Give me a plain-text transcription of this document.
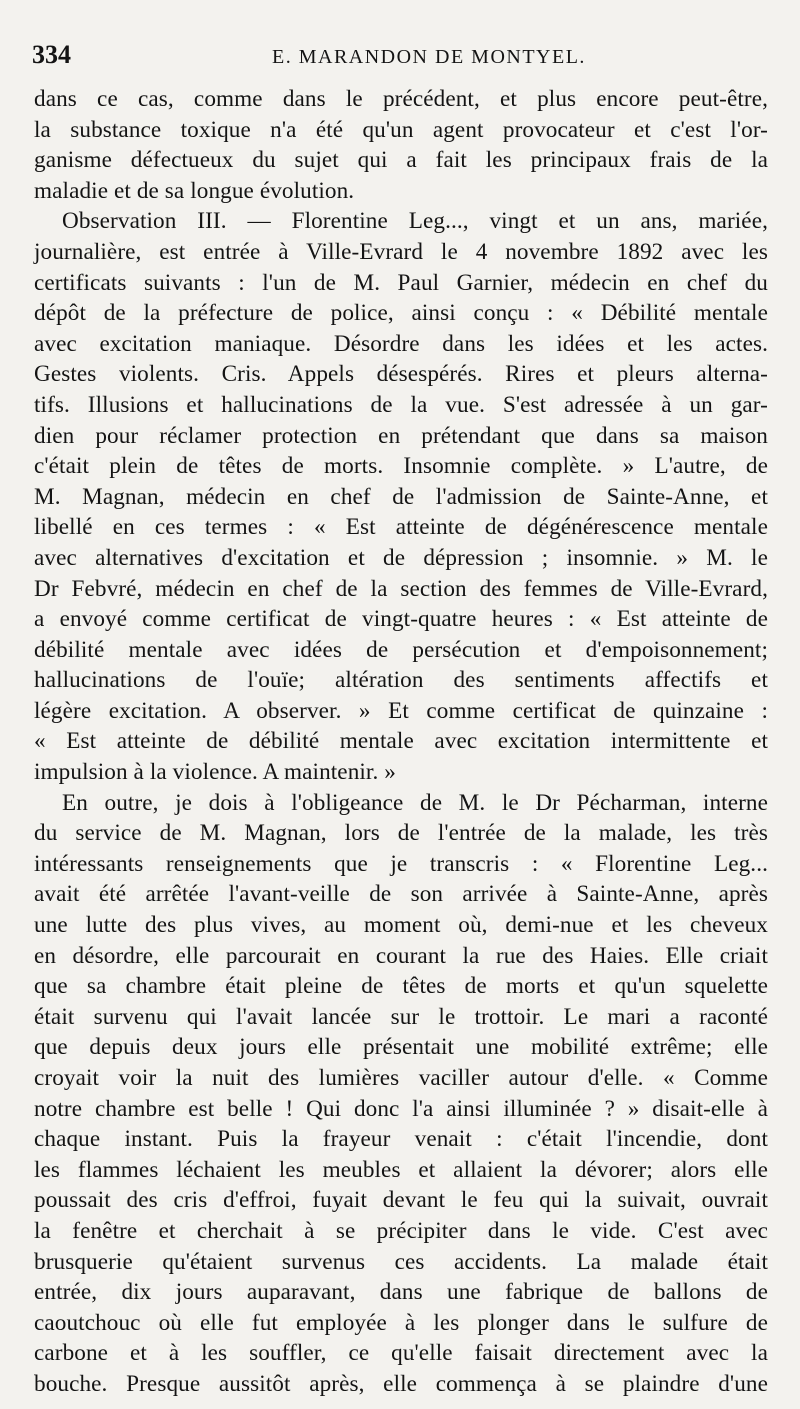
334	E. MARANDON DE MONTYEL.

dans ce cas, comme dans le précédent, et plus encore peut-être,
la substance toxique n'a été qu'un agent provocateur et c'est l'or-
ganisme défectueux du sujet qui a fait les principaux frais de la
maladie et de sa longue évolution.

Observation III. — Florentine Leg..., vingt et un ans, mariée,
journalière, est entrée à Ville-Evrard le 4 novembre 1892 avec les
certificats suivants : l'un de M. Paul Garnier, médecin en chef du
dépôt de la préfecture de police, ainsi conçu : « Débilité mentale
avec excitation maniaque. Désordre dans les idées et les actes.
Gestes violents. Cris. Appels désespérés. Rires et pleurs alterna-
tifs. Illusions et hallucinations de la vue. S'est adressée à un gar-
dien pour réclamer protection en prétendant que dans sa maison
c'était plein de têtes de morts. Insomnie complète. » L'autre, de
M. Magnan, médecin en chef de l'admission de Sainte-Anne, et
libellé en ces termes : « Est atteinte de dégénérescence mentale
avec alternatives d'excitation et de dépression ; insomnie. » M. le
Dr Febvré, médecin en chef de la section des femmes de Ville-Evrard,
a envoyé comme certificat de vingt-quatre heures : « Est atteinte de
débilité mentale avec idées de persécution et d'empoisonnement;
hallucinations de l'ouïe; altération des sentiments affectifs et
légère excitation. A observer. » Et comme certificat de quinzaine :
« Est atteinte de débilité mentale avec excitation intermittente et
impulsion à la violence. A maintenir. »

En outre, je dois à l'obligeance de M. le Dr Pécharman, interne
du service de M. Magnan, lors de l'entrée de la malade, les très
intéressants renseignements que je transcris : « Florentine Leg...
avait été arrêtée l'avant-veille de son arrivée à Sainte-Anne, après
une lutte des plus vives, au moment où, demi-nue et les cheveux
en désordre, elle parcourait en courant la rue des Haies. Elle criait
que sa chambre était pleine de têtes de morts et qu'un squelette
était survenu qui l'avait lancée sur le trottoir. Le mari a raconté
que depuis deux jours elle présentait une mobilité extrême; elle
croyait voir la nuit des lumières vaciller autour d'elle. « Comme
notre chambre est belle ! Qui donc l'a ainsi illuminée ? » disait-elle à
chaque instant. Puis la frayeur venait : c'était l'incendie, dont
les flammes léchaient les meubles et allaient la dévorer; alors elle
poussait des cris d'effroi, fuyait devant le feu qui la suivait, ouvrait
la fenêtre et cherchait à se précipiter dans le vide. C'est avec
brusquerie qu'étaient survenus ces accidents. La malade était
entrée, dix jours auparavant, dans une fabrique de ballons de
caoutchouc où elle fut employée à les plonger dans le sulfure de
carbone et à les souffler, ce qu'elle faisait directement avec la
bouche. Presque aussitôt après, elle commença à se plaindre d'une
